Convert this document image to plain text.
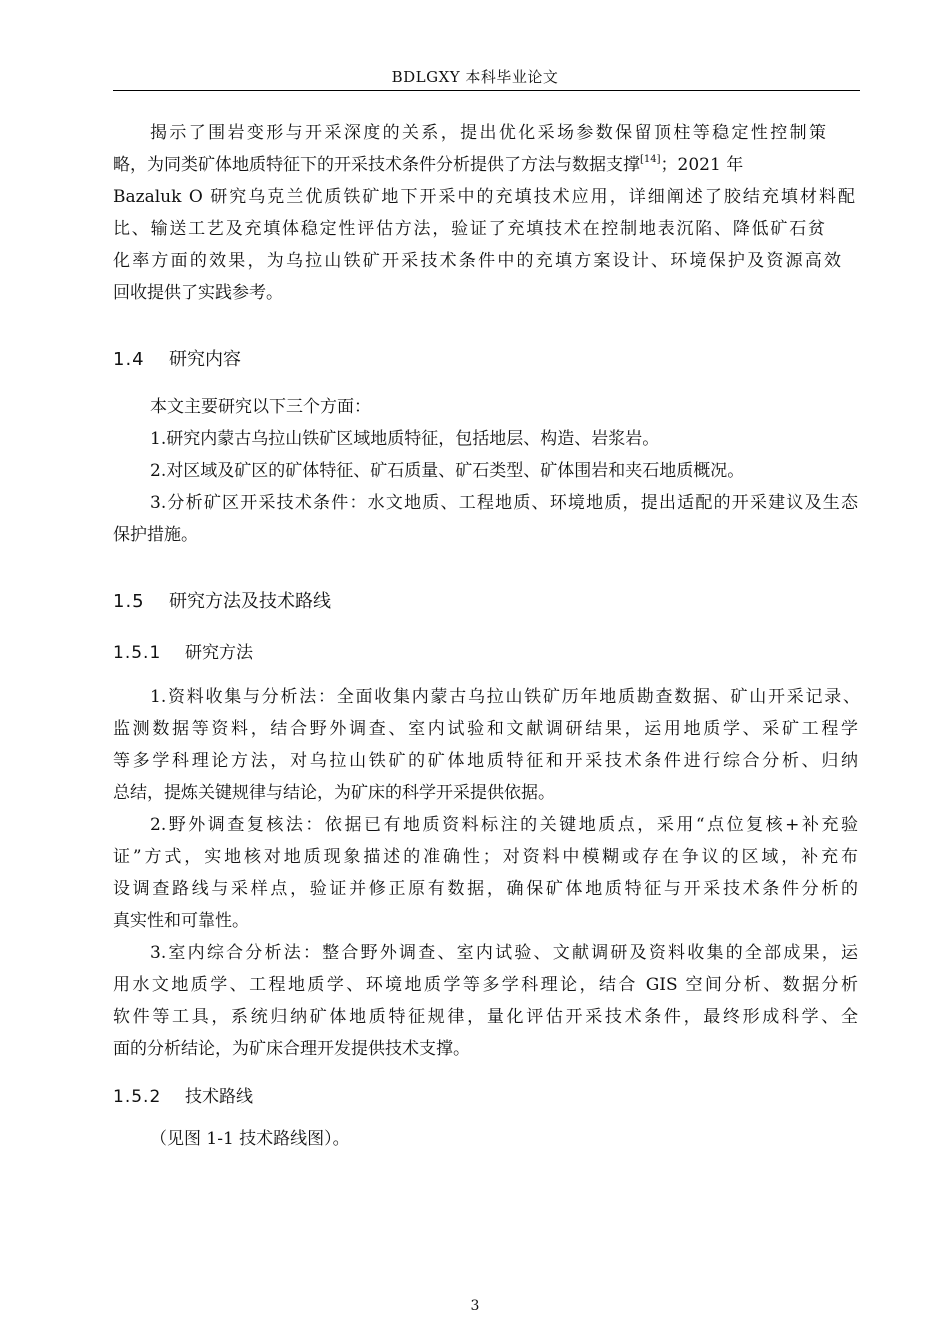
BDLGXY 本科毕业论文
揭示了围岩变形与开采深度的关系，提出优化采场参数保留顶柱等稳定性控制策
略，为同类矿体地质特征下的开采技术条件分析提供了方法与数据支撑[14]；2021 年
Bazaluk O 研究乌克兰优质铁矿地下开采中的充填技术应用，详细阐述了胶结充填材料配
比、输送工艺及充填体稳定性评估方法，验证了充填技术在控制地表沉陷、降低矿石贫
化率方面的效果，为乌拉山铁矿开采技术条件中的充填方案设计、环境保护及资源高效
回收提供了实践参考。
1.4 研究内容
本文主要研究以下三个方面：
1.研究内蒙古乌拉山铁矿区域地质特征，包括地层、构造、岩浆岩。
2.对区域及矿区的矿体特征、矿石质量、矿石类型、矿体围岩和夹石地质概况。
3.分析矿区开采技术条件：水文地质、工程地质、环境地质，提出适配的开采建议及生态
保护措施。
1.5 研究方法及技术路线
1.5.1 研究方法
1.资料收集与分析法：全面收集内蒙古乌拉山铁矿历年地质勘查数据、矿山开采记录、
监测数据等资料，结合野外调查、室内试验和文献调研结果，运用地质学、采矿工程学
等多学科理论方法，对乌拉山铁矿的矿体地质特征和开采技术条件进行综合分析、归纳
总结，提炼关键规律与结论，为矿床的科学开采提供依据。
2.野外调查复核法：依据已有地质资料标注的关键地质点，采用“点位复核+补充验
证”方式，实地核对地质现象描述的准确性；对资料中模糊或存在争议的区域，补充布
设调查路线与采样点，验证并修正原有数据，确保矿体地质特征与开采技术条件分析的
真实性和可靠性。
3.室内综合分析法：整合野外调查、室内试验、文献调研及资料收集的全部成果，运
用水文地质学、工程地质学、环境地质学等多学科理论，结合 GIS 空间分析、数据分析
软件等工具，系统归纳矿体地质特征规律，量化评估开采技术条件，最终形成科学、全
面的分析结论，为矿床合理开发提供技术支撑。
1.5.2 技术路线
（见图 1-1 技术路线图）。
3
